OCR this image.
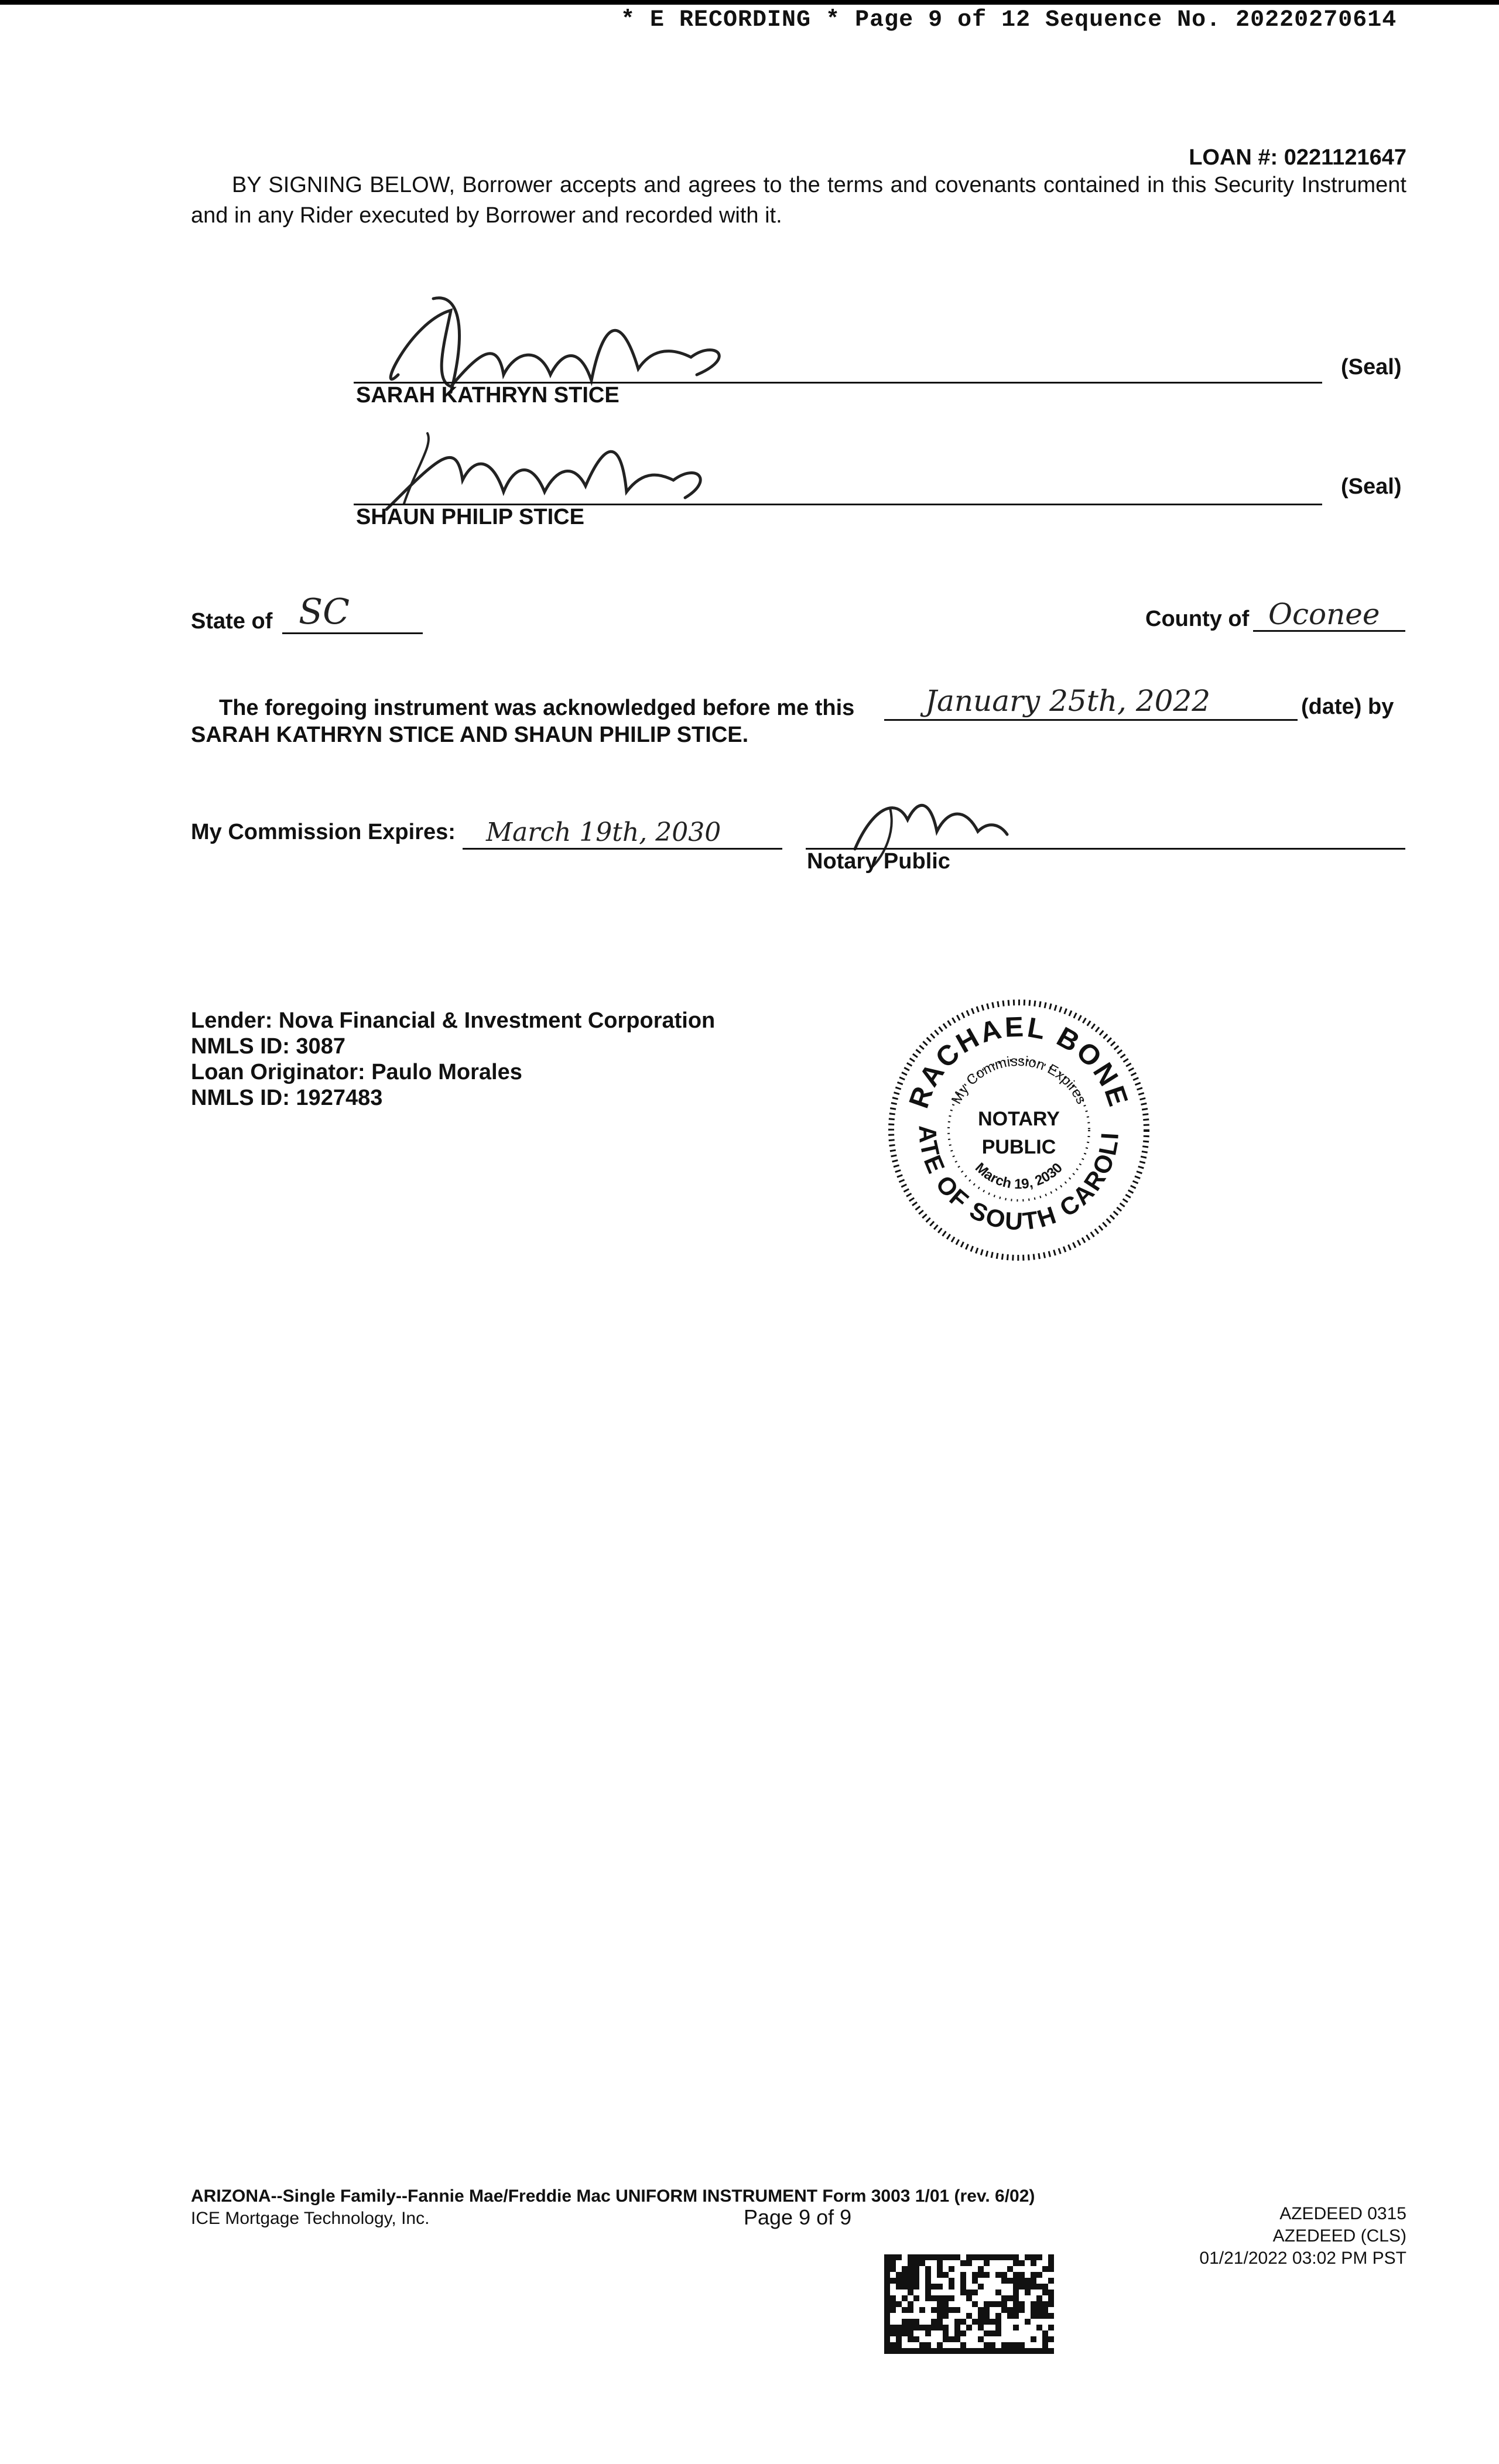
* E RECORDING * Page 9 of 12 Sequence No. 20220270614
LOAN #: 0221121647
BY SIGNING BELOW, Borrower accepts and agrees to the terms and covenants contained in this Security Instrument and in any Rider executed by Borrower and recorded with it.
SARAH KATHRYN STICE
(Seal)
SHAUN PHILIP STICE
(Seal)
State of SC	County of Oconee
The foregoing instrument was acknowledged before me this January 25th, 2022	(date) by
SARAH KATHRYN STICE AND SHAUN PHILIP STICE.
My Commission Expires: March 19th, 2030
Notary Public
Lender: Nova Financial & Investment Corporation
NMLS ID: 3087
Loan Originator: Paulo Morales
NMLS ID: 1927483	RACHAEL BONE
STATE OF SOUTH CAROLINA
My Commission Expires
March 19, 2030
NOTARY
PUBLIC
ARIZONA--Single Family--Fannie Mae/Freddie Mac UNIFORM INSTRUMENT Form 3003 1/01 (rev. 6/02)
ICE Mortgage Technology, Inc.	Page 9 of 9	AZEDEED 0315
AZEDEED (CLS)
01/21/2022 03:02 PM PST
